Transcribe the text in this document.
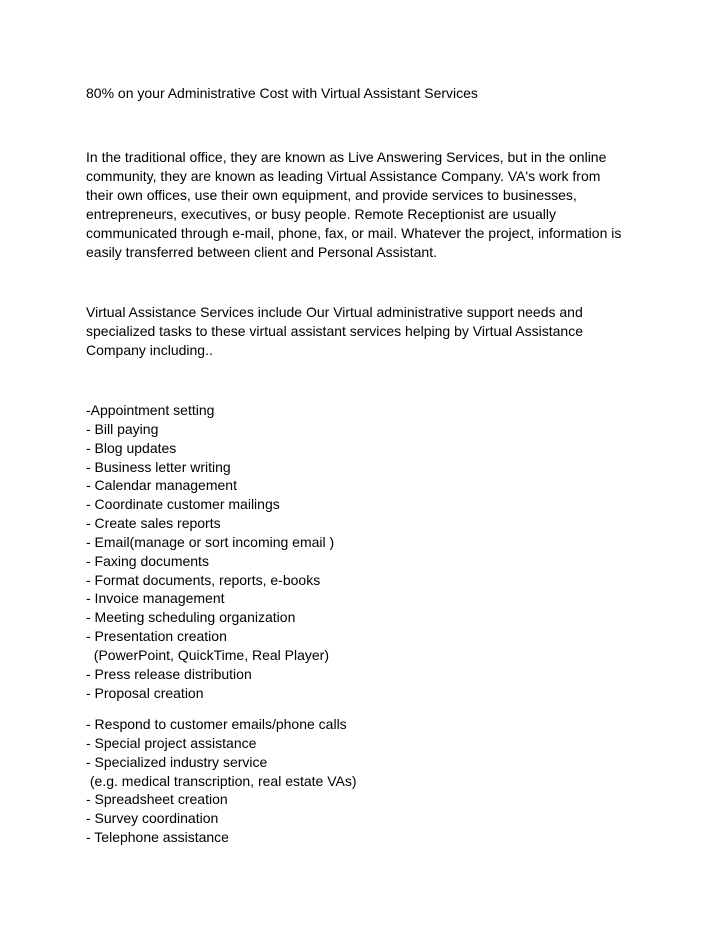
80% on your Administrative Cost with Virtual Assistant Services
In the traditional office, they are known as Live Answering Services, but in the online
community, they are known as leading Virtual Assistance Company. VA's work from
their own offices, use their own equipment, and provide services to businesses,
entrepreneurs, executives, or busy people. Remote Receptionist are usually
communicated through e-mail, phone, fax, or mail. Whatever the project, information is
easily transferred between client and Personal Assistant.
Virtual Assistance Services include Our Virtual administrative support needs and
specialized tasks to these virtual assistant services helping by Virtual Assistance
Company including..
-Appointment setting
- Bill paying
- Blog updates
- Business letter writing
- Calendar management
- Coordinate customer mailings
- Create sales reports
- Email(manage or sort incoming email )
- Faxing documents
- Format documents, reports, e-books
- Invoice management
- Meeting scheduling organization
- Presentation creation
(PowerPoint, QuickTime, Real Player)
- Press release distribution
- Proposal creation
- Respond to customer emails/phone calls
- Special project assistance
- Specialized industry service
(e.g. medical transcription, real estate VAs)
- Spreadsheet creation
- Survey coordination
- Telephone assistance
